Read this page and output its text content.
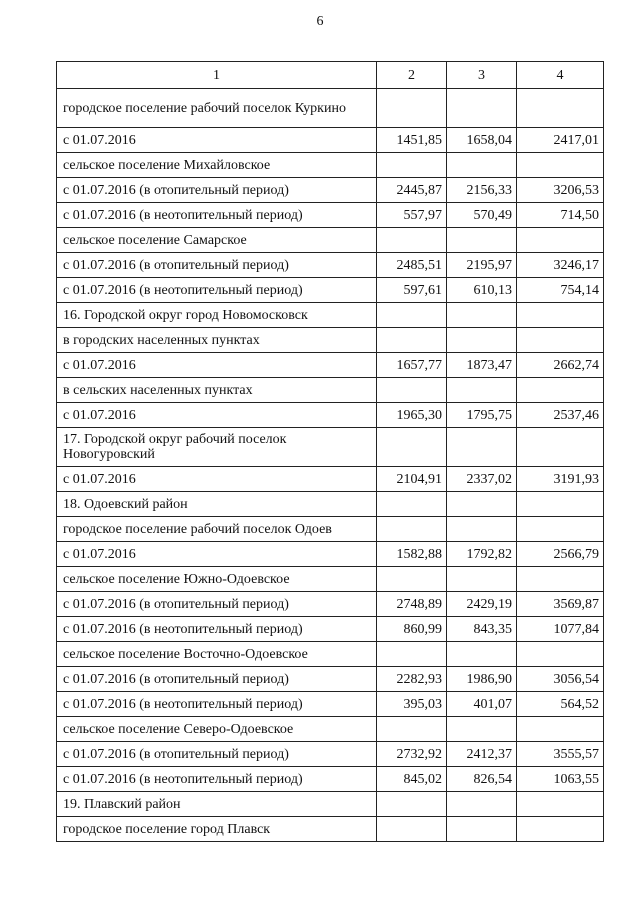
6
1	2	3	4
городское поселение рабочий поселок Куркино			
с 01.07.2016	1451,85	1658,04	2417,01
сельское поселение Михайловское			
с 01.07.2016 (в отопительный период)	2445,87	2156,33	3206,53
с 01.07.2016 (в неотопительный период)	557,97	570,49	714,50
сельское поселение Самарское			
с 01.07.2016 (в отопительный период)	2485,51	2195,97	3246,17
с 01.07.2016 (в неотопительный период)	597,61	610,13	754,14
16. Городской округ город Новомосковск			
в городских населенных пунктах			
с 01.07.2016	1657,77	1873,47	2662,74
в сельских населенных пунктах			
с 01.07.2016	1965,30	1795,75	2537,46
17. Городской округ рабочий поселок Новогуровский			
с 01.07.2016	2104,91	2337,02	3191,93
18. Одоевский район			
городское поселение рабочий поселок Одоев			
с 01.07.2016	1582,88	1792,82	2566,79
сельское поселение Южно-Одоевское			
с 01.07.2016 (в отопительный период)	2748,89	2429,19	3569,87
с 01.07.2016 (в неотопительный период)	860,99	843,35	1077,84
сельское поселение Восточно-Одоевское			
с 01.07.2016 (в отопительный период)	2282,93	1986,90	3056,54
с 01.07.2016 (в неотопительный период)	395,03	401,07	564,52
сельское поселение Северо-Одоевское			
с 01.07.2016 (в отопительный период)	2732,92	2412,37	3555,57
с 01.07.2016 (в неотопительный период)	845,02	826,54	1063,55
19. Плавский район			
городское поселение город Плавск			
